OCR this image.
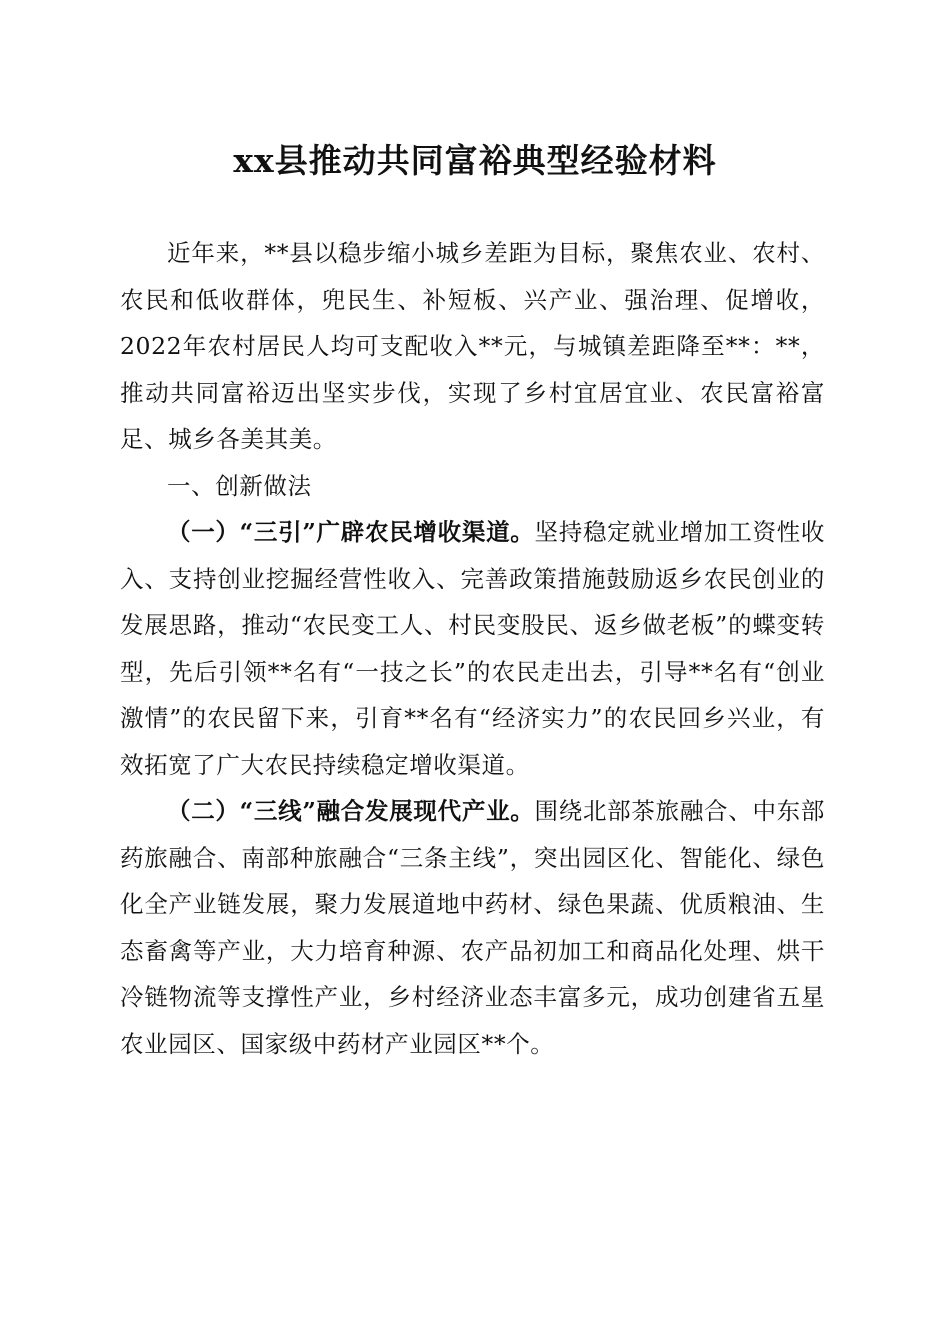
xx县推动共同富裕典型经验材料

近年来，**县以稳步缩小城乡差距为目标，聚焦农业、农村、农民和低收群体，兜民生、补短板、兴产业、强治理、促增收，2022年农村居民人均可支配收入**元，与城镇差距降至**：**，推动共同富裕迈出坚实步伐，实现了乡村宜居宜业、农民富裕富足、城乡各美其美。

一、创新做法

（一）“三引”广辟农民增收渠道。坚持稳定就业增加工资性收入、支持创业挖掘经营性收入、完善政策措施鼓励返乡农民创业的发展思路，推动“农民变工人、村民变股民、返乡做老板”的蝶变转型，先后引领**名有“一技之长”的农民走出去，引导**名有“创业激情”的农民留下来，引育**名有“经济实力”的农民回乡兴业，有效拓宽了广大农民持续稳定增收渠道。

（二）“三线”融合发展现代产业。围绕北部茶旅融合、中东部药旅融合、南部种旅融合“三条主线”，突出园区化、智能化、绿色化全产业链发展，聚力发展道地中药材、绿色果蔬、优质粮油、生态畜禽等产业，大力培育种源、农产品初加工和商品化处理、烘干冷链物流等支撑性产业，乡村经济业态丰富多元，成功创建省五星农业园区、国家级中药材产业园区**个。
